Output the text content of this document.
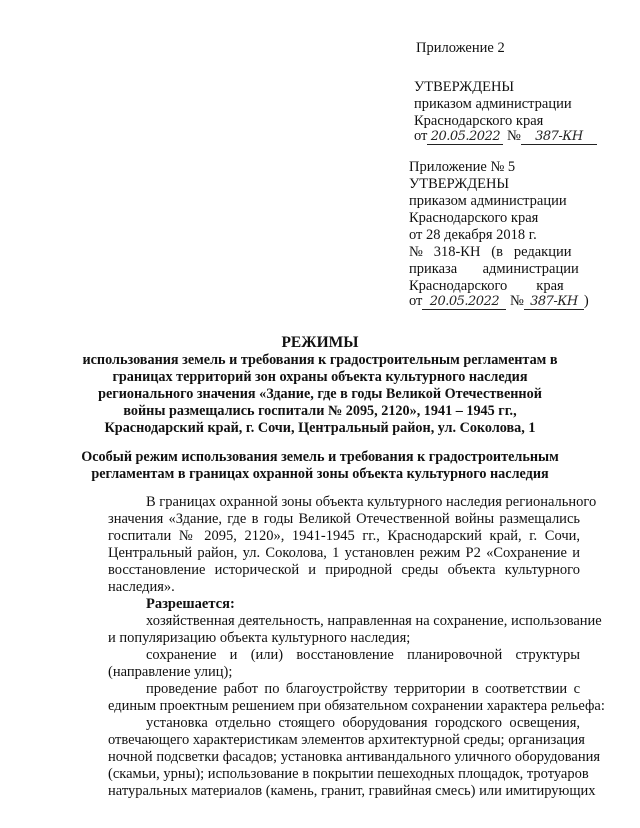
Приложение 2
УТВЕРЖДЕНЫ
приказом администрации
Краснодарского края
от 20.05.2022 № 387-КН
Приложение № 5
УТВЕРЖДЕНЫ
приказом администрации
Краснодарского края
от 28 декабря 2018 г.
№   318-КН   (в   редакции
приказа       администрации
Краснодарского        края
от 20.05.2022 № 387-КН )
РЕЖИМЫ
использования земель и требования к градостроительным регламентам в
границах территорий зон охраны объекта культурного наследия
регионального значения «Здание, где в годы Великой Отечественной
войны размещались госпитали № 2095, 2120», 1941 – 1945 гг.,
Краснодарский край, г. Сочи, Центральный район, ул. Соколова, 1
Особый режим использования земель и требования к градостроительным
регламентам в границах охранной зоны объекта культурного наследия
В границах охранной зоны объекта культурного наследия регионального
значения «Здание, где в годы Великой Отечественной войны размещались
госпитали № 2095, 2120», 1941-1945 гг., Краснодарский край, г. Сочи,
Центральный район, ул. Соколова, 1 установлен режим Р2 «Сохранение и
восстановление исторической и природной среды объекта культурного
наследия».
Разрешается:
хозяйственная деятельность, направленная на сохранение, использование
и популяризацию объекта культурного наследия;
сохранение и (или) восстановление планировочной структуры
(направление улиц);
проведение работ по благоустройству территории в соответствии с
единым проектным решением при обязательном сохранении характера рельефа:
установка отдельно стоящего оборудования городского освещения,
отвечающего характеристикам элементов архитектурной среды; организация
ночной подсветки фасадов; установка антивандального уличного оборудования
(скамьи, урны); использование в покрытии пешеходных площадок, тротуаров
натуральных материалов (камень, гранит, гравийная смесь) или имитирующих
